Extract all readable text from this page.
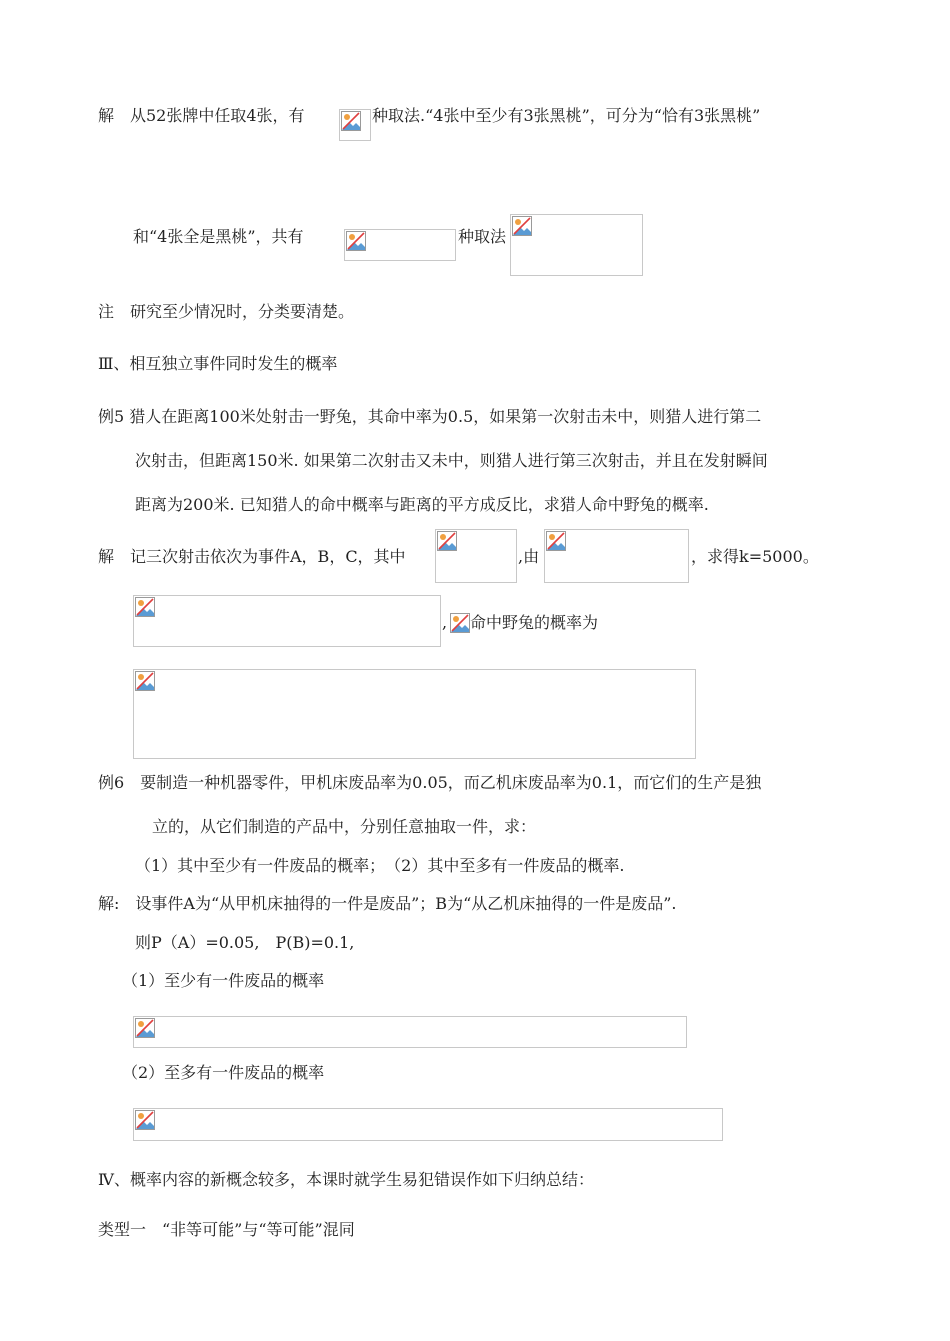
解　从52张牌中任取4张，有	种取法.“4张中至少有3张黑桃”，可分为“恰有3张黑桃”
和“4张全是黑桃”，共有	种取法
注　研究至少情况时，分类要清楚。
Ⅲ、相互独立事件同时发生的概率
例5 猎人在距离100米处射击一野兔，其命中率为0.5，如果第一次射击未中，则猎人进行第二
次射击，但距离150米. 如果第二次射击又未中，则猎人进行第三次射击，并且在发射瞬间
距离为200米. 已知猎人的命中概率与距离的平方成反比，求猎人命中野兔的概率.
解　记三次射击依次为事件A，B，C，其中	,由	，求得k=5000。
, 命中野兔的概率为
例6　要制造一种机器零件，甲机床废品率为0.05，而乙机床废品率为0.1，而它们的生产是独
立的，从它们制造的产品中，分别任意抽取一件，求：
（1）其中至少有一件废品的概率；　（2）其中至多有一件废品的概率.
解:　设事件A为“从甲机床抽得的一件是废品”；B为“从乙机床抽得的一件是废品”.
则P（A）=0.05,　P(B)=0.1,
（1）至少有一件废品的概率
（2）至多有一件废品的概率
Ⅳ、概率内容的新概念较多，本课时就学生易犯错误作如下归纳总结：
类型一　“非等可能”与“等可能”混同
